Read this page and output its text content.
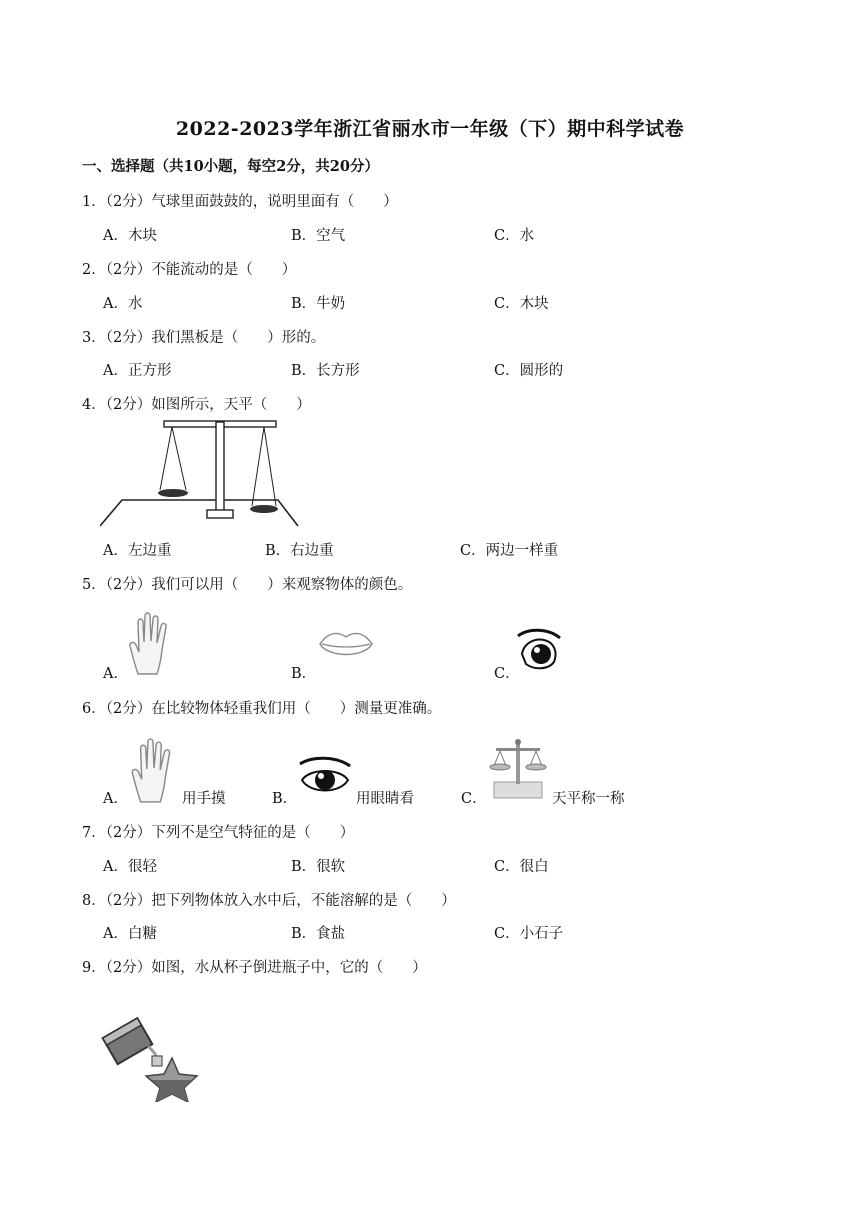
2022-2023学年浙江省丽水市一年级（下）期中科学试卷
一、选择题（共10小题，每空2分，共20分）
1．（2分）气球里面鼓鼓的，说明里面有（　　）
A．木块	B．空气	C．水
2．（2分）不能流动的是（　　）
A．水	B．牛奶	C．木块
3．（2分）我们黑板是（　　）形的。
A．正方形	B．长方形	C．圆形的
4．（2分）如图所示，天平（　　）
A．左边重	B．右边重	C．两边一样重
5．（2分）我们可以用（　　）来观察物体的颜色。
A．	B．	C．
6．（2分）在比较物体轻重我们用（　　）测量更准确。
A．	用手摸	B．	用眼睛看	C．	天平称一称
7．（2分）下列不是空气特征的是（　　）
A．很轻	B．很软	C．很白
8．（2分）把下列物体放入水中后，不能溶解的是（　　）
A．白糖	B．食盐	C．小石子
9．（2分）如图，水从杯子倒进瓶子中，它的（　　）
